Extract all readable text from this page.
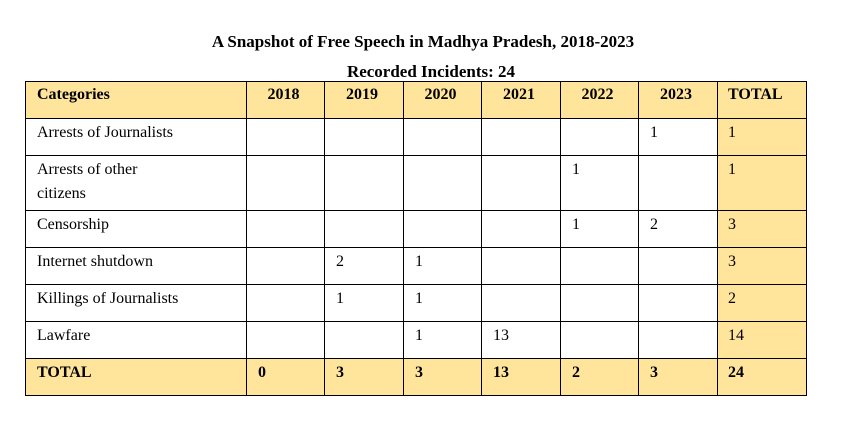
A Snapshot of Free Speech in Madhya Pradesh, 2018-2023
Recorded Incidents: 24
Categories	2018	2019	2020	2021	2022	2023	TOTAL

Arrests of Journalists						1	1

Arrests of other citizens					1		1

Censorship					1	2	3

Internet shutdown		2	1				3

Killings of Journalists		1	1				2

Lawfare			1	13			14

TOTAL	0	3	3	13	2	3	24
